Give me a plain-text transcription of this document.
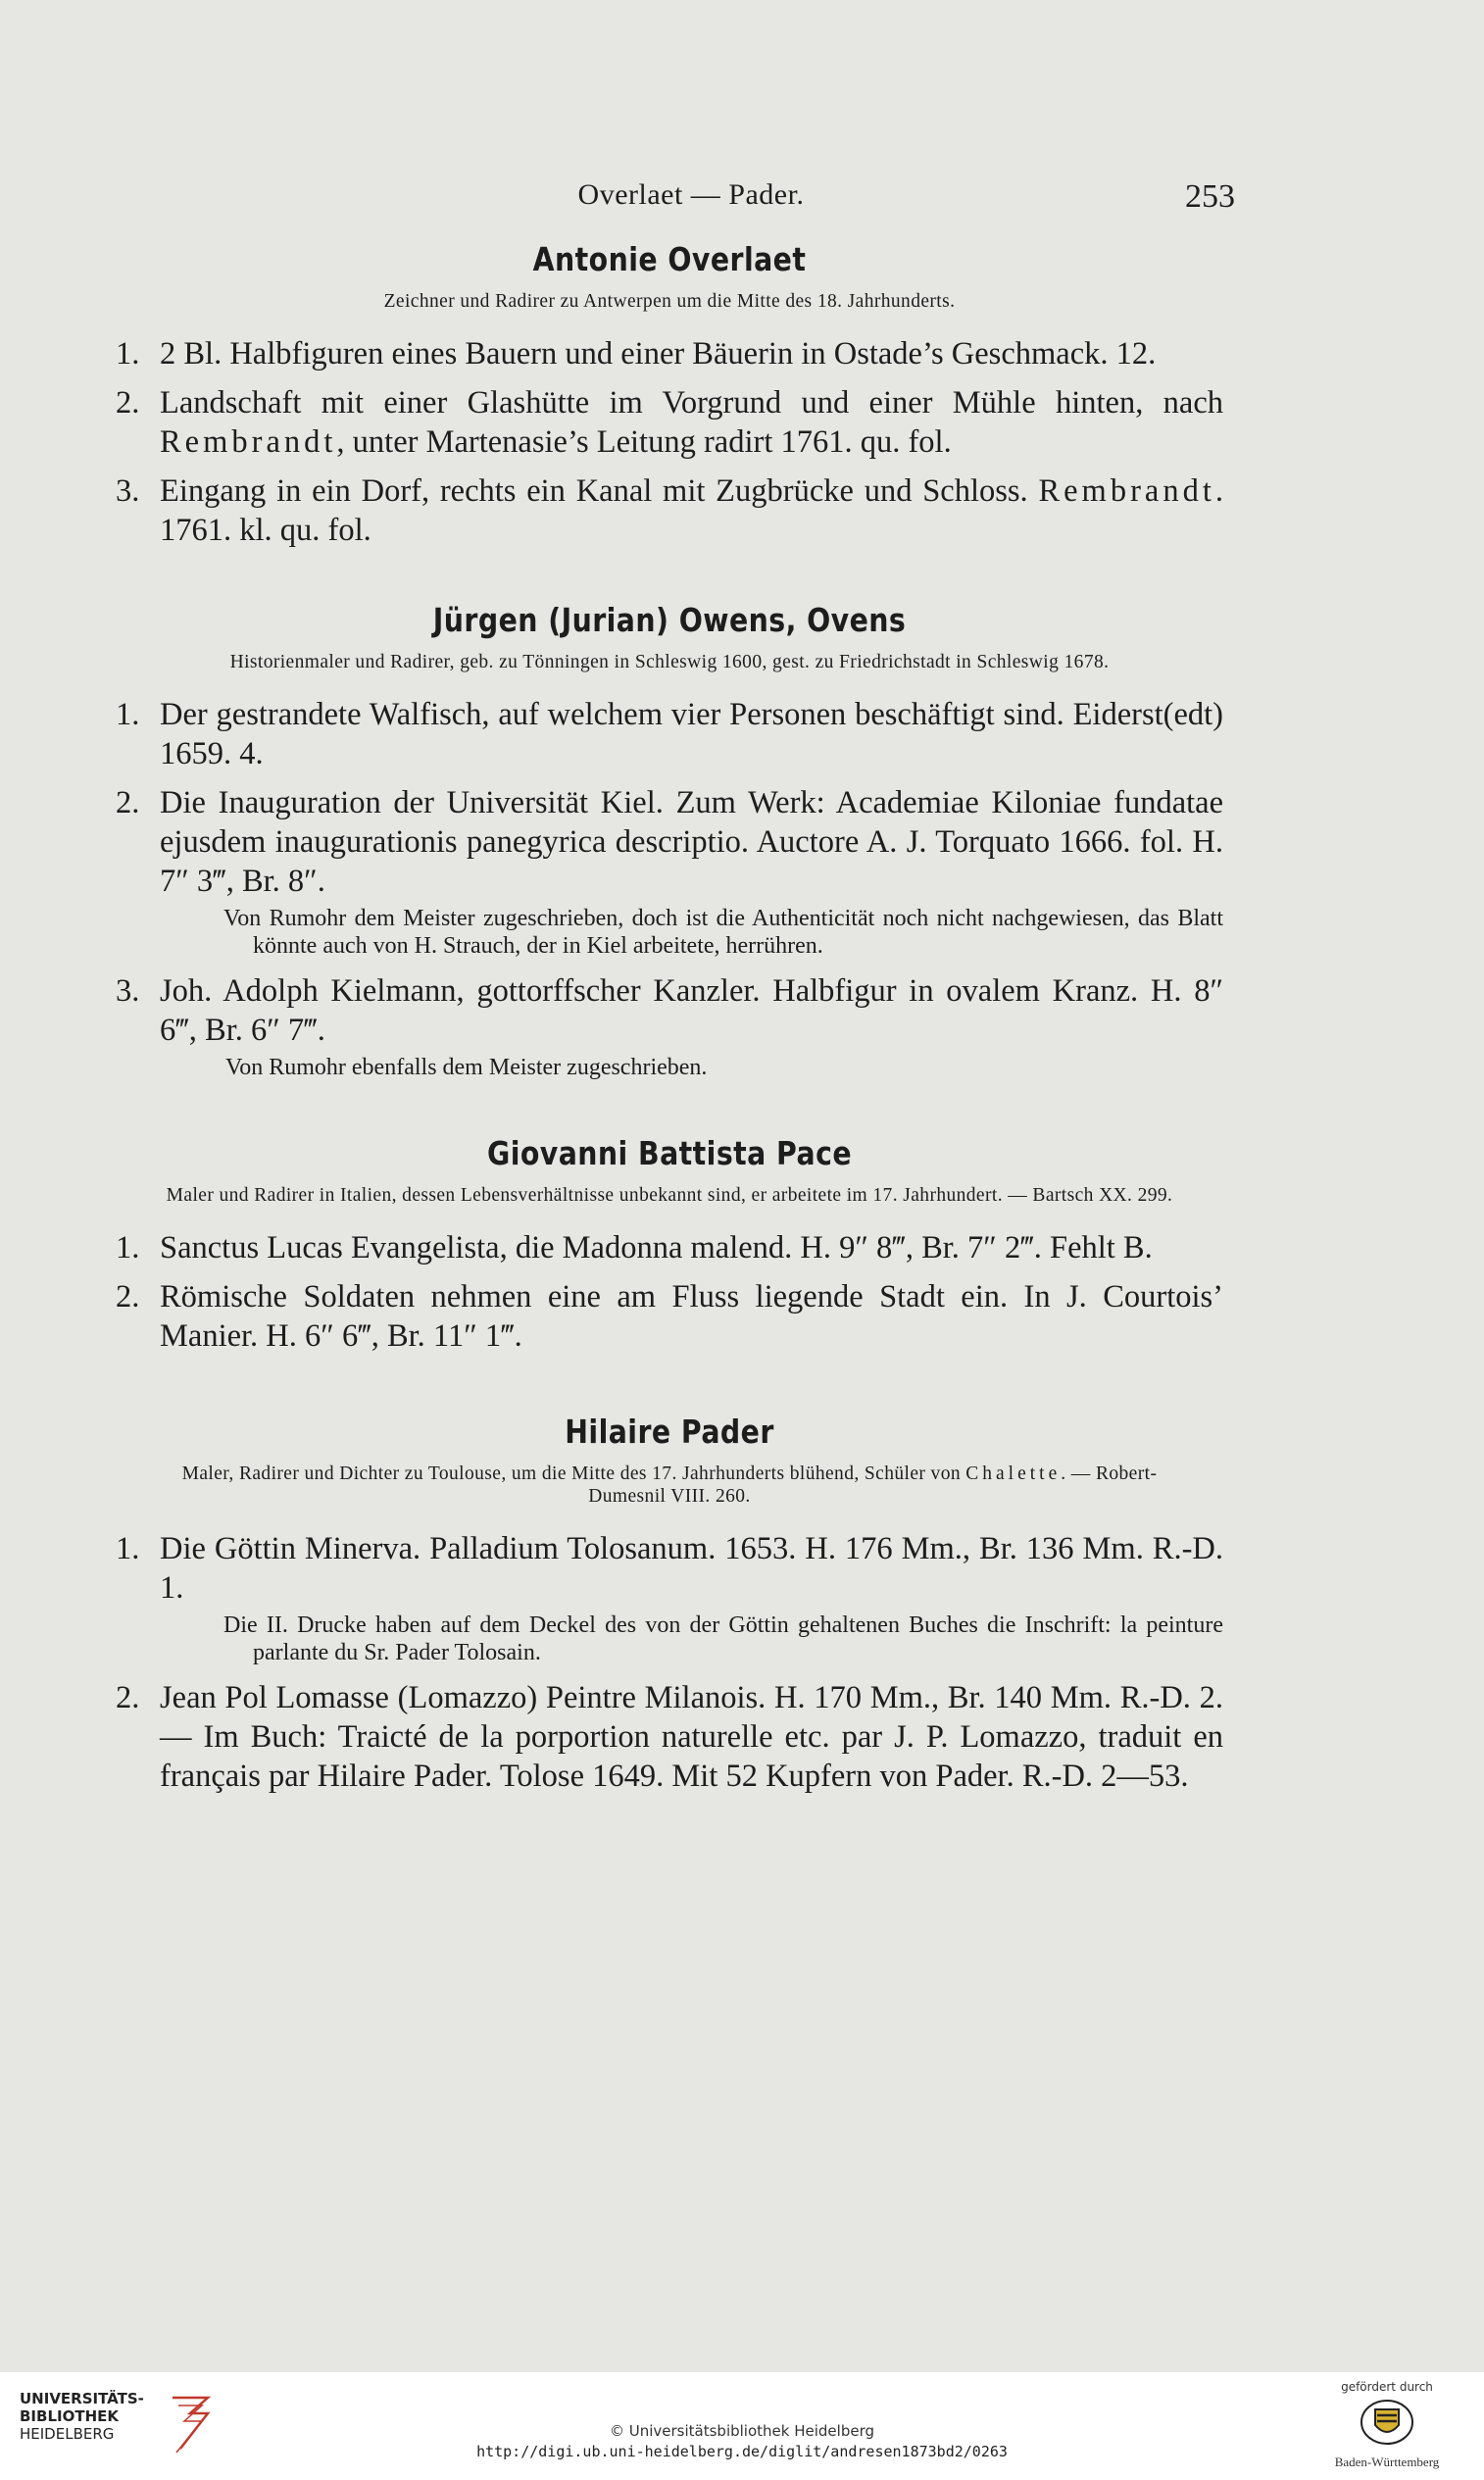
Overlaet — Pader.	253
Antonie Overlaet
Zeichner und Radirer zu Antwerpen um die Mitte des 18. Jahrhunderts.
1. 2 Bl. Halbfiguren eines Bauern und einer Bäuerin in Ostade’s Geschmack. 12.
2. Landschaft mit einer Glashütte im Vorgrund und einer Mühle hinten, nach Rembrandt, unter Martenasie’s Leitung radirt 1761. qu. fol.
3. Eingang in ein Dorf, rechts ein Kanal mit Zugbrücke und Schloss. Rembrandt. 1761. kl. qu. fol.
Jürgen (Jurian) Owens, Ovens
Historienmaler und Radirer, geb. zu Tönningen in Schleswig 1600, gest. zu Friedrichstadt in Schleswig 1678.
1. Der gestrandete Walfisch, auf welchem vier Personen beschäftigt sind. Eiderst(edt) 1659. 4.
2. Die Inauguration der Universität Kiel. Zum Werk: Academiae Kiloniae fundatae ejusdem inaugurationis panegyrica descriptio. Auctore A. J. Torquato 1666. fol. H. 7″ 3‴, Br. 8″.
Von Rumohr dem Meister zugeschrieben, doch ist die Authenticität noch nicht nachgewiesen, das Blatt könnte auch von H. Strauch, der in Kiel arbeitete, herrühren.
3. Joh. Adolph Kielmann, gottorffscher Kanzler. Halbfigur in ovalem Kranz. H. 8″ 6‴, Br. 6″ 7‴.
Von Rumohr ebenfalls dem Meister zugeschrieben.
Giovanni Battista Pace
Maler und Radirer in Italien, dessen Lebensverhältnisse unbekannt sind, er arbeitete im 17. Jahrhundert. — Bartsch XX. 299.
1. Sanctus Lucas Evangelista, die Madonna malend. H. 9″ 8‴, Br. 7″ 2‴. Fehlt B.
2. Römische Soldaten nehmen eine am Fluss liegende Stadt ein. In J. Courtois’ Manier. H. 6″ 6‴, Br. 11″ 1‴.
Hilaire Pader
Maler, Radirer und Dichter zu Toulouse, um die Mitte des 17. Jahrhunderts blühend, Schüler von Chalette. — Robert-Dumesnil VIII. 260.
1. Die Göttin Minerva. Palladium Tolosanum. 1653. H. 176 Mm., Br. 136 Mm. R.-D. 1.
Die II. Drucke haben auf dem Deckel des von der Göttin gehaltenen Buches die Inschrift: la peinture parlante du Sr. Pader Tolosain.
2. Jean Pol Lomasse (Lomazzo) Peintre Milanois. H. 170 Mm., Br. 140 Mm. R.-D. 2. — Im Buch: Traicté de la porportion naturelle etc. par J. P. Lomazzo, traduit en français par Hilaire Pader. Tolose 1649. Mit 52 Kupfern von Pader. R.-D. 2—53.
UNIVERSITÄTS-
BIBLIOTHEK
HEIDELBERG	© Universitätsbibliothek Heidelberg
http://digi.ub.uni-heidelberg.de/diglit/andresen1873bd2/0263
gefördert durch
Baden-Württemberg
